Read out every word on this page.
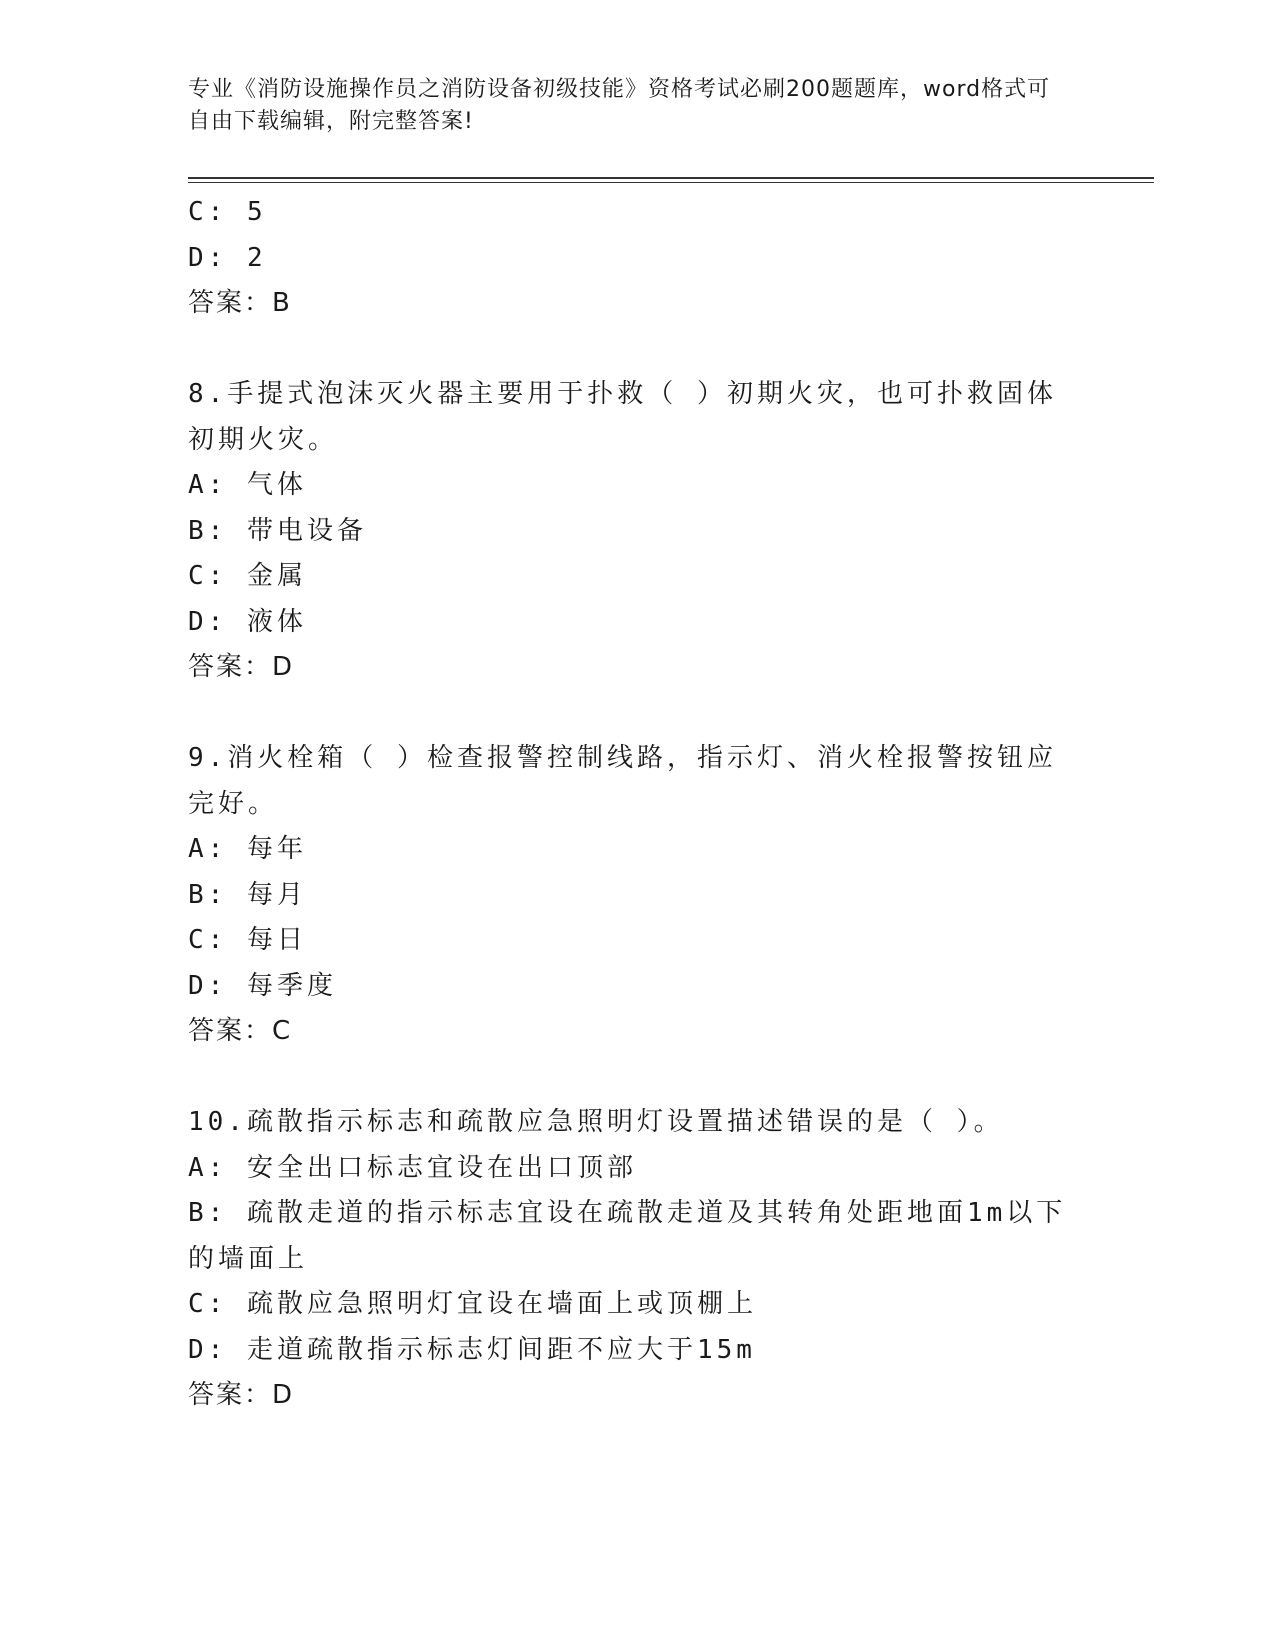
专业《消防设施操作员之消防设备初级技能》资格考试必刷200题题库，word格式可自由下载编辑，附完整答案!
C: 5
D: 2
答案：B
8.手提式泡沫灭火器主要用于扑救（ ）初期火灾，也可扑救固体初期火灾。
A: 气体
B: 带电设备
C: 金属
D: 液体
答案：D
9.消火栓箱（ ）检查报警控制线路，指示灯、消火栓报警按钮应完好。
A: 每年
B: 每月
C: 每日
D: 每季度
答案：C
10.疏散指示标志和疏散应急照明灯设置描述错误的是（ ）。
A: 安全出口标志宜设在出口顶部
B: 疏散走道的指示标志宜设在疏散走道及其转角处距地面1m以下的墙面上
C: 疏散应急照明灯宜设在墙面上或顶棚上
D: 走道疏散指示标志灯间距不应大于15m
答案：D
